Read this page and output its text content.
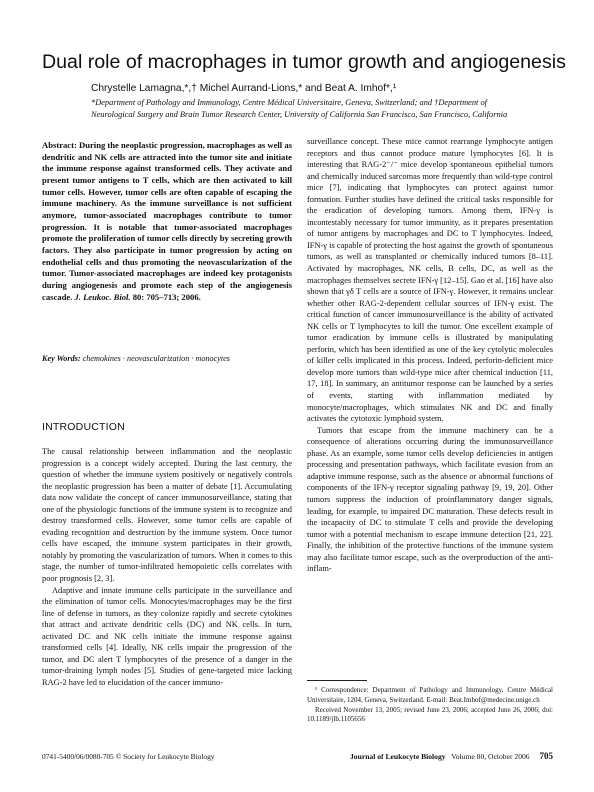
Dual role of macrophages in tumor growth and angiogenesis
Chrystelle Lamagna,*,† Michel Aurrand-Lions,* and Beat A. Imhof*,¹
*Department of Pathology and Immunology, Centre Médical Universitaire, Geneva, Switzerland; and †Department of
Neurological Surgery and Brain Tumor Research Center, University of California San Francisco, San Francisco, California
Abstract: During the neoplastic progression, macrophages as well as dendritic and NK cells are attracted into the tumor site and initiate the immune response against transformed cells. They activate and present tumor antigens to T cells, which are then activated to kill tumor cells. However, tumor cells are often capable of escaping the immune machinery. As the immune surveillance is not sufficient anymore, tumor-associated macrophages contribute to tumor progression. It is notable that tumor-associated macrophages promote the proliferation of tumor cells directly by secreting growth factors. They also participate in tumor progression by acting on endothelial cells and thus promoting the neovascularization of the tumor. Tumor-associated macrophages are indeed key protagonists during angiogenesis and promote each step of the angiogenesis cascade. J. Leukoc. Biol. 80: 705–713; 2006.
Key Words: chemokines · neovascularization · monocytes
INTRODUCTION

The causal relationship between inflammation and the neoplastic progression is a concept widely accepted. During the last century, the question of whether the immune system positively or negatively controls the neoplastic progression has been a matter of debate [1]. Accumulating data now validate the concept of cancer immunosurveillance, stating that one of the physiologic functions of the immune system is to recognize and destroy transformed cells. However, some tumor cells are capable of evading recognition and destruction by the immune system. Once tumor cells have escaped, the immune system participates in their growth, notably by promoting the vascularization of tumors. When it comes to this stage, the number of tumor-infiltrated hemopoietic cells correlates with poor prognosis [2, 3].

Adaptive and innate immune cells participate in the surveillance and the elimination of tumor cells. Monocytes/macrophages may be the first line of defense in tumors, as they colonize rapidly and secrete cytokines that attract and activate dendritic cells (DC) and NK cells. In turn, activated DC and NK cells initiate the immune response against transformed cells [4]. Ideally, NK cells impair the progression of the tumor, and DC alert T lymphocytes of the presence of a danger in the tumor-draining lymph nodes [5]. Studies of gene-targeted mice lacking RAG-2 have led to elucidation of the cancer immuno-

surveillance concept. These mice cannot rearrange lymphocyte antigen receptors and thus cannot produce mature lymphocytes [6]. It is interesting that RAG-2⁻/⁻ mice develop spontaneous epithelial tumors and chemically induced sarcomas more frequently than wild-type control mice [7], indicating that lymphocytes can protect against tumor formation. Further studies have defined the critical tasks responsible for the eradication of developing tumors. Among them, IFN-γ is incontestably necessary for tumor immunity, as it prepares presentation of tumor antigens by macrophages and DC to T lymphocytes. Indeed, IFN-γ is capable of protecting the host against the growth of spontaneous tumors, as well as transplanted or chemically induced tumors [8–11]. Activated by macrophages, NK cells, B cells, DC, as well as the macrophages themselves secrete IFN-γ [12–15]. Gao et al. [16] have also shown that γδ T cells are a source of IFN-γ. However, it remains unclear whether other RAG-2-dependent cellular sources of IFN-γ exist. The critical function of cancer immunosurveillance is the ability of activated NK cells or T lymphocytes to kill the tumor. One excellent example of tumor eradication by immune cells is illustrated by manipulating perforin, which has been identified as one of the key cytolytic molecules of killer cells implicated in this process. Indeed, perforin-deficient mice develop more tumors than wild-type mice after chemical induction [11, 17, 18]. In summary, an antitumor response can be launched by a series of events, starting with inflammation mediated by monocyte/macrophages, which stimulates NK and DC and finally activates the cytotoxic lymphoid system.

Tumors that escape from the immune machinery can be a consequence of alterations occurring during the immunosurveillance phase. As an example, some tumor cells develop deficiencies in antigen processing and presentation pathways, which facilitate evasion from an adaptive immune response, such as the absence or abnormal functions of components of the IFN-γ receptor signaling pathway [9, 19, 20]. Other tumors suppress the induction of proinflammatory danger signals, leading, for example, to impaired DC maturation. These defects result in the incapacity of DC to stimulate T cells and provide the developing tumor with a potential mechanism to escape immune detection [21, 22]. Finally, the inhibition of the protective functions of the immune system may also facilitate tumor escape, such as the overproduction of the anti-inflam-

¹ Correspondence: Department of Pathology and Immunology, Centre Médical Universitaire, 1204, Geneva, Switzerland. E-mail: Beat.Imhof@medecine.unige.ch

Received November 13, 2005; revised June 23, 2006; accepted June 26, 2006; doi: 10.1189/jlb.1105656

0741-5400/06/0080-705 © Society for Leukocyte Biology	Journal of Leukocyte Biology Volume 80, October 2006 705
